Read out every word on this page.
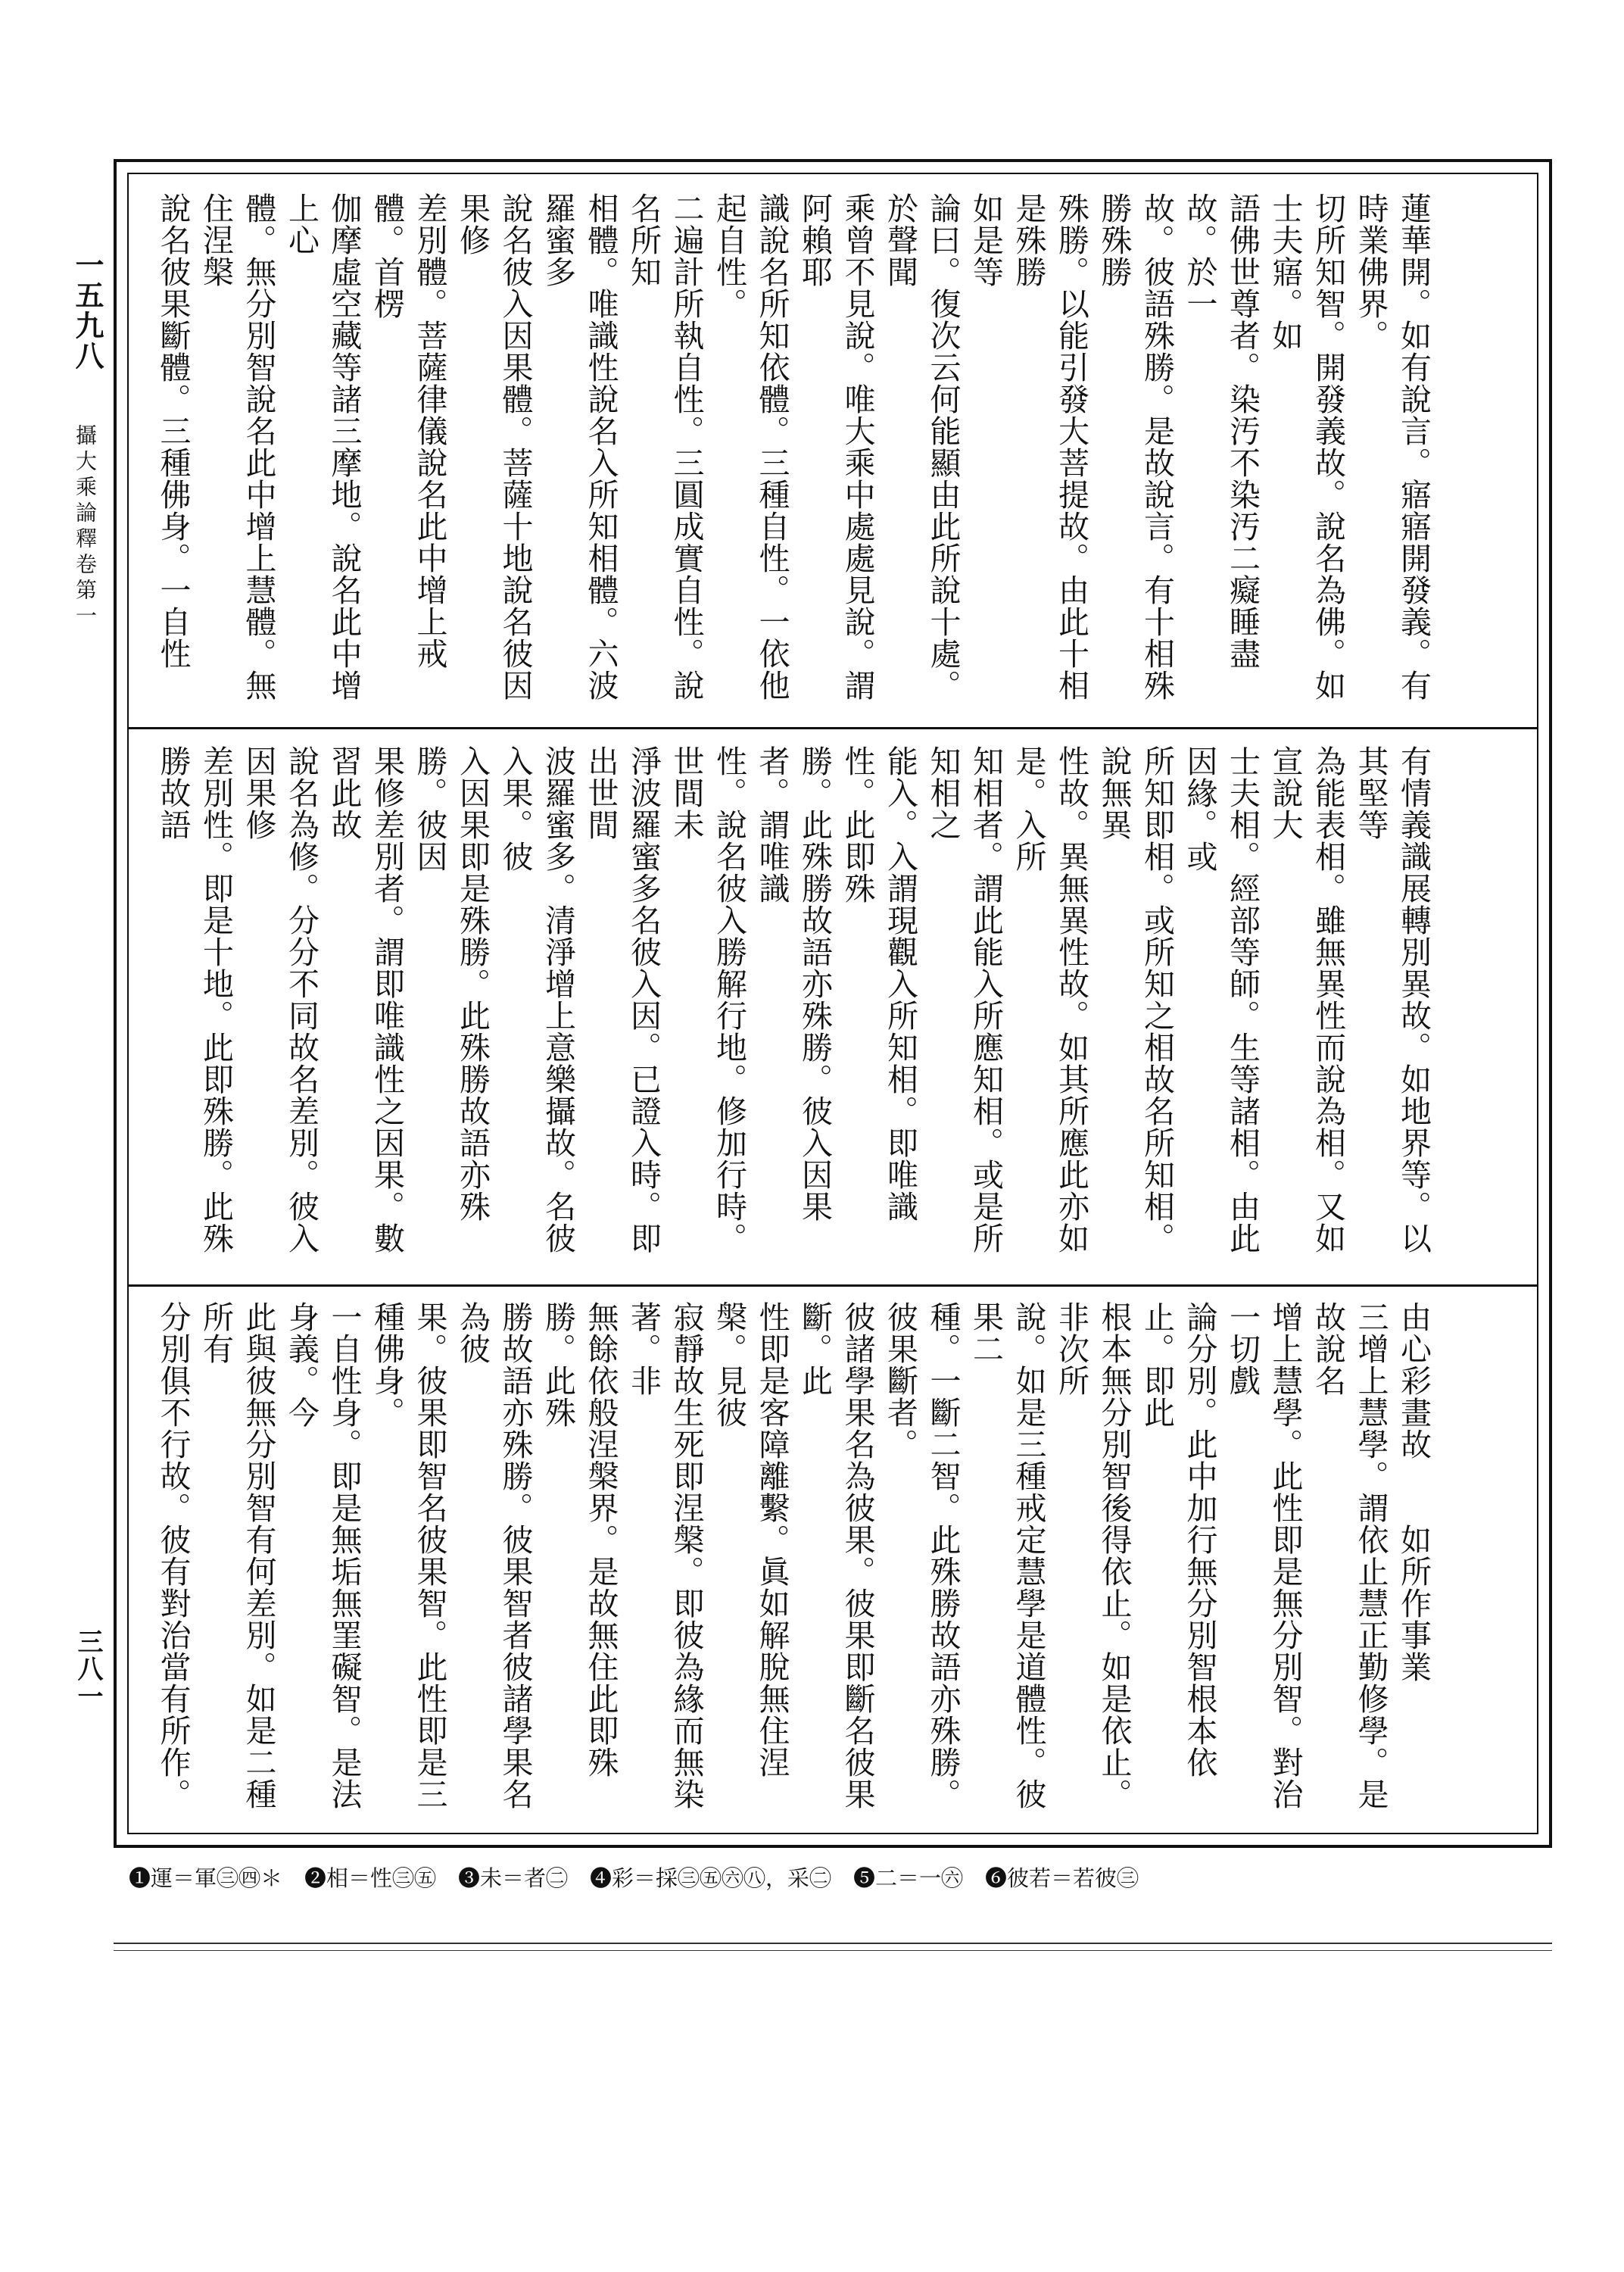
一五九八
攝大乘論釋卷第一
三八一

蓮華開。如有說言。寤寤開發義。有時業佛界。
切所知智。開發義故。說名為佛。如士夫寤。如
語佛世尊者。染汚不染汚二癡睡盡故。於一
故。彼語殊勝。是故說言。有十相殊勝殊勝
殊勝。以能引發大菩提故。由此十相是殊勝
如是等
論曰。復次云何能顯由此所說十處。於聲聞
乘曾不見說。唯大乘中處處見說。謂阿賴耶
識說名所知依體。三種自性。一依他起自性。
二遍計所執自性。三圓成實自性。說名所知
相體。唯識性說名入所知相體。六波羅蜜多
說名彼入因果體。菩薩十地說名彼因果修
差別體。菩薩律儀說名此中增上戒體。首楞
伽摩虛空藏等諸三摩地。說名此中增上心
體。無分別智說名此中增上慧體。無住涅槃
說名彼果斷體。三種佛身。一自性

有情義識展轉別異故。如地界等。以其堅等
為能表相。雖無異性而說為相。又如宣說大
士夫相。經部等師。生等諸相。由此因緣。或
所知即相。或所知之相故名所知相。說無異
性故。異無異性故。如其所應此亦如是。入所
知相者。謂此能入所應知相。或是所知相之
能入。入謂現觀入所知相。即唯識性。此即殊
勝。此殊勝故語亦殊勝。彼入因果者。謂唯識
性。說名彼入勝解行地。修加行時。世間未
淨波羅蜜多名彼入因。已證入時。即出世間
波羅蜜多。清淨增上意樂攝故。名彼入果。彼
入因果即是殊勝。此殊勝故語亦殊勝。彼因
果修差別者。謂即唯識性之因果。數習此故
說名為修。分分不同故名差別。彼入因果修
差別性。即是十地。此即殊勝。此殊勝故語

由心彩畫故　　如所作事業
三增上慧學。謂依止慧正勤修學。是故說名
增上慧學。此性即是無分別智。對治一切戲
論分別。此中加行無分別智根本依止。即此
根本無分別智後得依止。如是依止。非次所
說。如是三種戒定慧學是道體性。彼果二
種。一斷二智。此殊勝故語亦殊勝。彼果斷者。
彼諸學果名為彼果。彼果即斷名彼果斷。此
性即是客障離繫。眞如解脫無住涅槃。見彼
寂靜故生死即涅槃。即彼為緣而無染著。非
無餘依般涅槃界。是故無住此即殊勝。此殊
勝故語亦殊勝。彼果智者彼諸學果名為彼
果。彼果即智名彼果智。此性即是三種佛身。
一自性身。即是無垢無罣礙智。是法身義。今
此與彼無分別智有何差別。如是二種所有
分別俱不行故。彼有對治當有所作。

❶運＝軍㊂㊃＊　❷相＝性㊂㊄　❸未＝者㊁　❹彩＝採㊂㊄㊅㊇，采㊁　❺二＝一㊅　❻彼若＝若彼㊂
